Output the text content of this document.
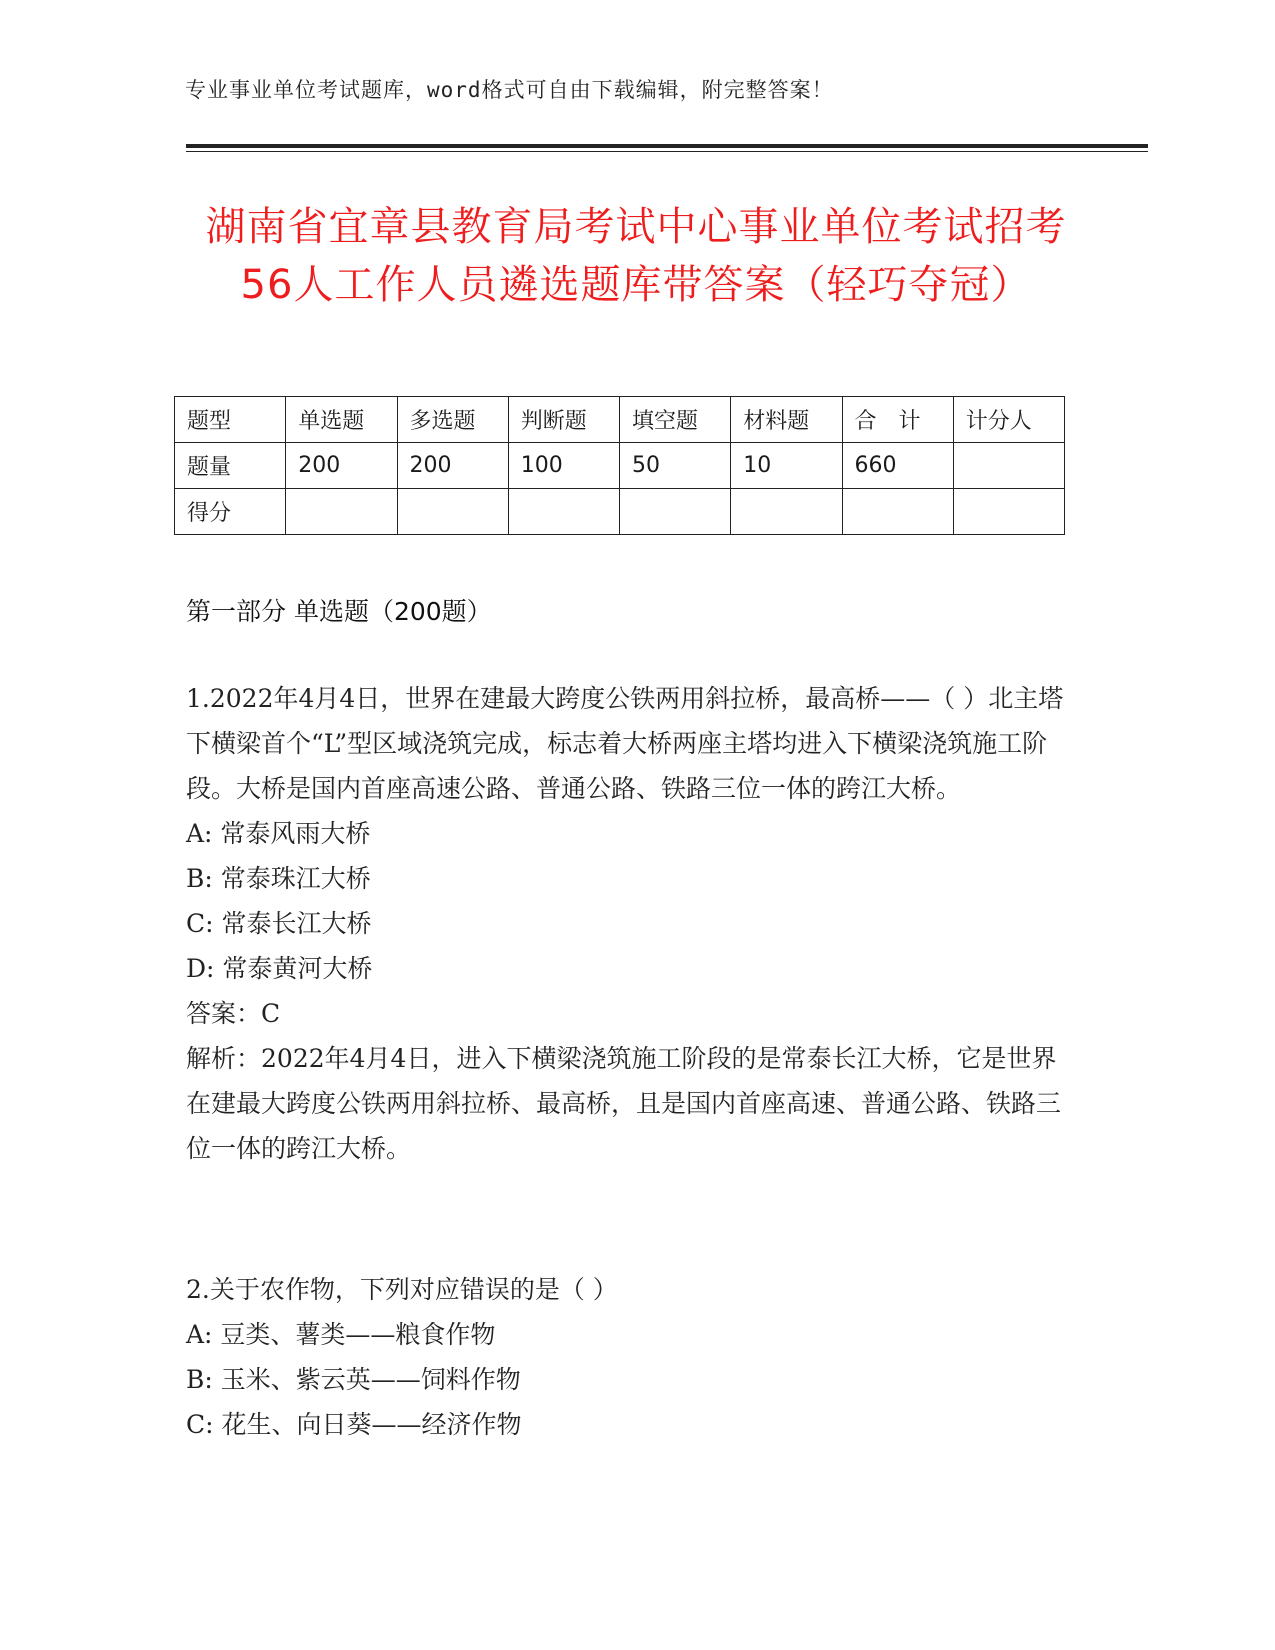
专业事业单位考试题库，word格式可自由下载编辑，附完整答案！
湖南省宜章县教育局考试中心事业单位考试招考56人工作人员遴选题库带答案（轻巧夺冠）
题型	单选题	多选题	判断题	填空题	材料题	合　计	计分人
题量	200	200	100	50	10	660	
得分							
第一部分 单选题（200题）

1.2022年4月4日，世界在建最大跨度公铁两用斜拉桥，最高桥——（ ）北主塔下横梁首个“L”型区域浇筑完成，标志着大桥两座主塔均进入下横梁浇筑施工阶段。大桥是国内首座高速公路、普通公路、铁路三位一体的跨江大桥。

A: 常泰风雨大桥

B: 常泰珠江大桥

C: 常泰长江大桥

D: 常泰黄河大桥

答案：C

解析：2022年4月4日，进入下横梁浇筑施工阶段的是常泰长江大桥，它是世界在建最大跨度公铁两用斜拉桥、最高桥，且是国内首座高速、普通公路、铁路三位一体的跨江大桥。

2.关于农作物，下列对应错误的是（ ）

A: 豆类、薯类——粮食作物

B: 玉米、紫云英——饲料作物

C: 花生、向日葵——经济作物
